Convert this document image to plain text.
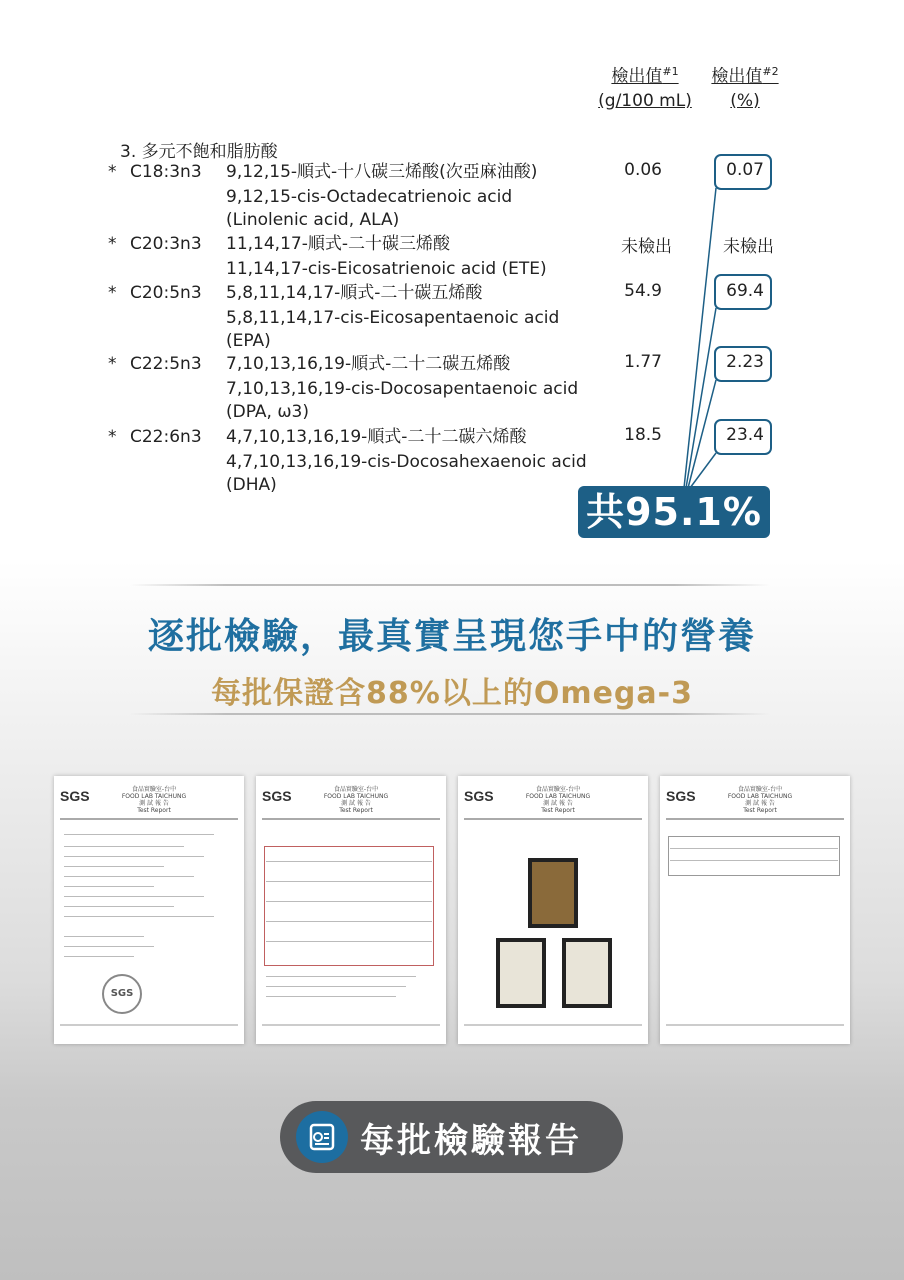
檢出值$^{\#1}$
(g/100 mL)
檢出值$^{\#2}$
(%)
3. 多元不飽和脂肪酸
* C18:3n3 9,12,15-順式-十八碳三烯酸(次亞麻油酸)
9,12,15-cis-Octadecatrienoic acid
(Linolenic acid, ALA)
0.06	0.07
* C20:3n3 11,14,17-順式-二十碳三烯酸
11,14,17-cis-Eicosatrienoic acid (ETE)
未檢出	未檢出
* C20:5n3 5,8,11,14,17-順式-二十碳五烯酸
5,8,11,14,17-cis-Eicosapentaenoic acid
(EPA)
54.9	69.4
* C22:5n3 7,10,13,16,19-順式-二十二碳五烯酸
7,10,13,16,19-cis-Docosapentaenoic acid
(DPA, ω3)
1.77	2.23
* C22:6n3 4,7,10,13,16,19-順式-二十二碳六烯酸
4,7,10,13,16,19-cis-Docosahexaenoic acid
(DHA)
18.5	23.4
共95.1%
逐批檢驗，最真實呈現您手中的營養
每批保證含88%以上的Omega-3
SGS	食品實驗室-台中
FOOD LAB TAICHUNG
測 試 報 告
Test Report
SGS
SGS	食品實驗室-台中
FOOD LAB TAICHUNG
測 試 報 告
Test Report
SGS	食品實驗室-台中
FOOD LAB TAICHUNG
測 試 報 告
Test Report
SGS	食品實驗室-台中
FOOD LAB TAICHUNG
測 試 報 告
Test Report
每批檢驗報告
